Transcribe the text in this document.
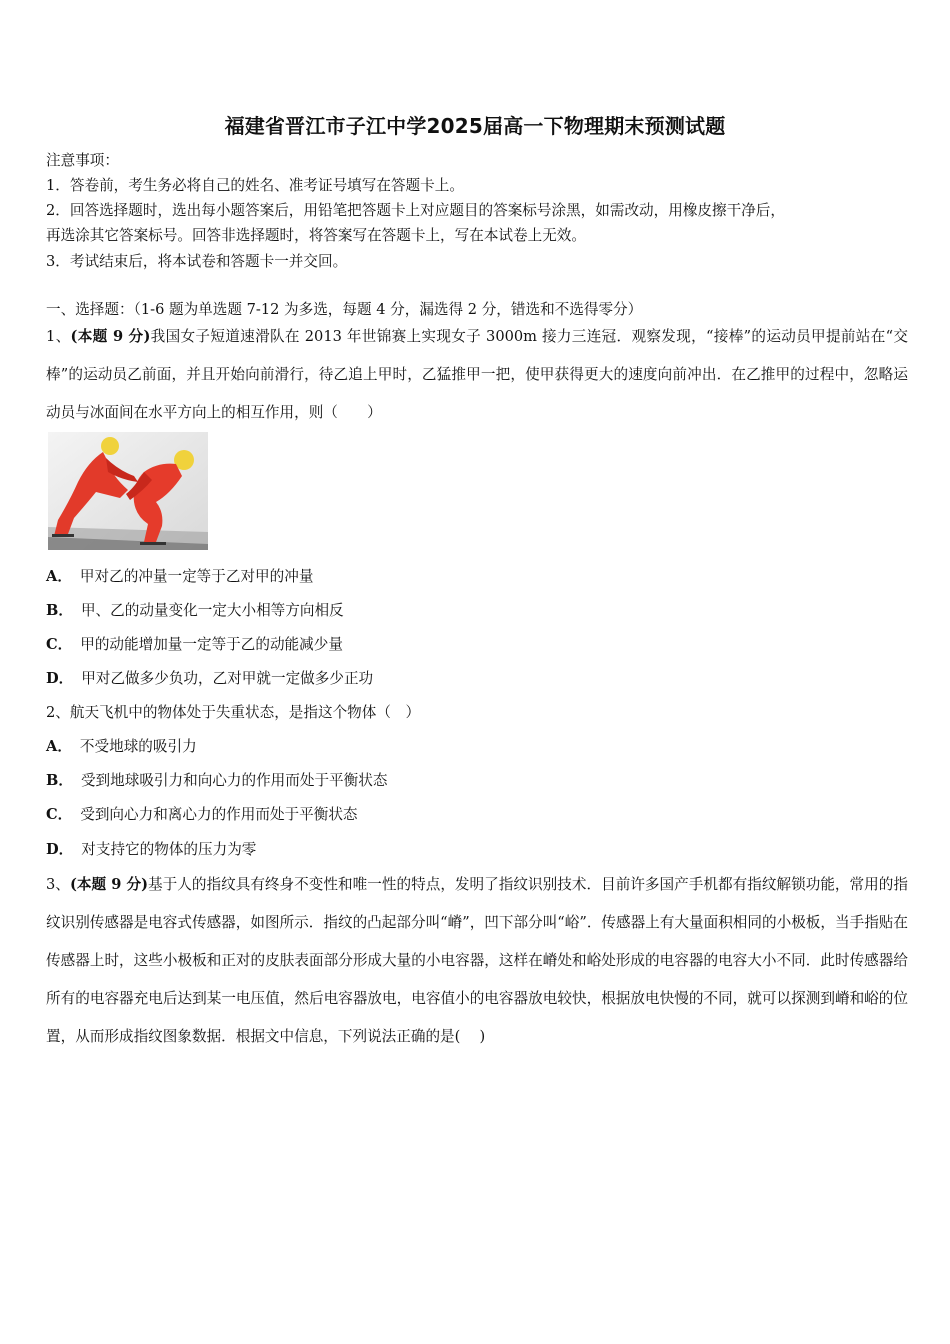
福建省晋江市子江中学2025届高一下物理期末预测试题
注意事项：
1．答卷前，考生务必将自己的姓名、准考证号填写在答题卡上。
2．回答选择题时，选出每小题答案后，用铅笔把答题卡上对应题目的答案标号涂黑，如需改动，用橡皮擦干净后，
再选涂其它答案标号。回答非选择题时，将答案写在答题卡上，写在本试卷上无效。
3．考试结束后，将本试卷和答题卡一并交回。
一、选择题：（1-6 题为单选题 7-12 为多选，每题 4 分，漏选得 2 分，错选和不选得零分）
1、(本题 9 分)我国女子短道速滑队在 2013 年世锦赛上实现女子 3000m 接力三连冠．观察发现，“接棒”的运动员甲提前站在“交棒”的运动员乙前面，并且开始向前滑行，待乙追上甲时，乙猛推甲一把，使甲获得更大的速度向前冲出．在乙推甲的过程中，忽略运动员与冰面间在水平方向上的相互作用，则（　　）
A． 甲对乙的冲量一定等于乙对甲的冲量
B． 甲、乙的动量变化一定大小相等方向相反
C． 甲的动能增加量一定等于乙的动能减少量
D． 甲对乙做多少负功，乙对甲就一定做多少正功
2、航天飞机中的物体处于失重状态，是指这个物体（　）
A． 不受地球的吸引力
B． 受到地球吸引力和向心力的作用而处于平衡状态
C． 受到向心力和离心力的作用而处于平衡状态
D． 对支持它的物体的压力为零
3、(本题 9 分)基于人的指纹具有终身不变性和唯一性的特点，发明了指纹识别技术．目前许多国产手机都有指纹解锁功能，常用的指纹识别传感器是电容式传感器，如图所示．指纹的凸起部分叫“嵴”，凹下部分叫“峪”．传感器上有大量面积相同的小极板，当手指贴在传感器上时，这些小极板和正对的皮肤表面部分形成大量的小电容器，这样在嵴处和峪处形成的电容器的电容大小不同．此时传感器给所有的电容器充电后达到某一电压值，然后电容器放电，电容值小的电容器放电较快，根据放电快慢的不同，就可以探测到嵴和峪的位置，从而形成指纹图象数据．根据文中信息，下列说法正确的是(　 )
